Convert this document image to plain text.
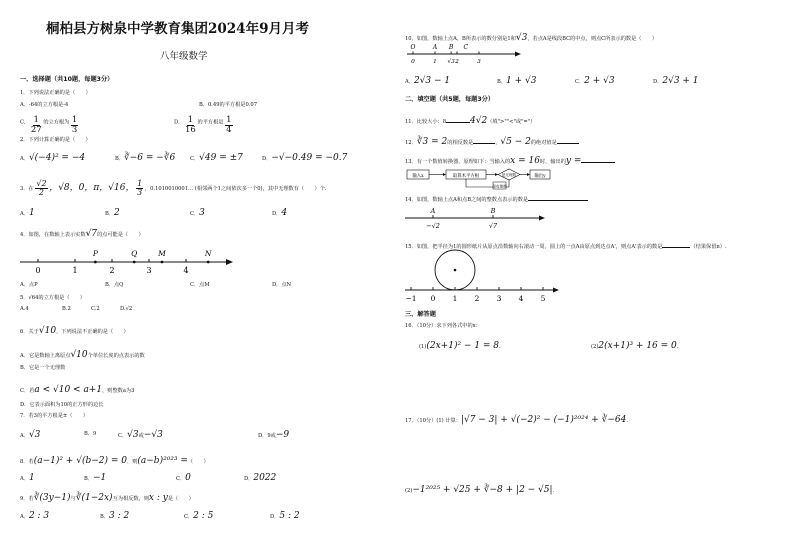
桐柏县方树泉中学教育集团2024年9月月考
八年级数学
一、选择题（共10题，每题3分）
1．下列说法正确的是（　　）
A．-64的立方根是-4	B．0.49的平方根是0.07
C． $\frac{1}{27}$ 的立方根为 $\frac{1}{3}$	D． $\frac{1}{16}$ 的平方根是 $\frac{1}{4}$
2．下列计算正确的是（　　）
A．√(−4)² = −4	B．∛−6 = −∛6	C．√49 = ±7	D．−√−0.49 = −0.7
3．在 $\frac{√2}{2}$ ，√8，0，π，√16， $\frac{1}{3}$ ，0.1010010001… (相邻两个1之间依次多一个0)，其中无理数有（　　）个.
A．1	B．2	C．3	D．4
4．如图，在数轴上表示实数√7的点可能是（　　）
0	1	2	3	4
P	Q	M	N
A．点P	B．点Q	C．点M	D．点N
5．√64的立方根是（　　）
A.4	B.2	C.2	D.√2
6．关于√10，下列说法不正确的是（　　）
A．它是数轴上离原点√10个单位长度的点表示的数
B．它是一个无理数
C．若a < √10 < a+1，则整数a为3
D．它表示面积为10的正方形的边长
7．若3的平方根是±（　　）
A．√3	B．9	C．√3或−√3	D．9或−9
8．若(a−1)² + √(b−2) = 0，则(a−b)²⁰²³ =（　　）
A．1	B．−1	C．0	D．2022
9．若∛(3y−1)与∛(1−2x)互为相反数，则x : y是（　　）
A．2 : 3	B．3 : 2	C．2 : 5	D．5 : 2
10．如图，数轴上点A，B所表示的数分别是1和√3，若点A是线段BC的中点，则点C所表示的数是（　　）
0	1 √3 2	3
O	A B C
A．2√3 − 1	B．1 + √3	C．2 + √3	D．2√3 + 1
二、填空题（共5题，每题3分）
11．比较大小：8	4√2（填">""<"或"="）
12．∛3 = 2的相反数是	，√5 − 2的绝对值是
13．有一个数值转换器，原理如下：当输入的x = 16时，输出的y =
输入x	取算术平方根	是无理数	输出y
是有理数
14．如图，数轴上点A和点B之间的整数点表示的数是
A	B
−√2	√7
15．如图，把半径为1的圆形纸片从原点沿数轴向右滚动一周，圆上的一点A由原点到达点A'，则点A'表示的数是	（结果保留π）.
−1 0 1 2 3 4 5
三、解答题
16．（10分）求下列各式中的x：
(1)(2x+1)² − 1 = 8.	(2)2(x+1)³ + 16 = 0.
17．（10分）(1) 计算：|√7 − 3| + √(−2)² − (−1)²⁰²⁴ + ∛−64.
(2)−1²⁰²⁵ + √25 + ∛−8 + |2 − √5|.
